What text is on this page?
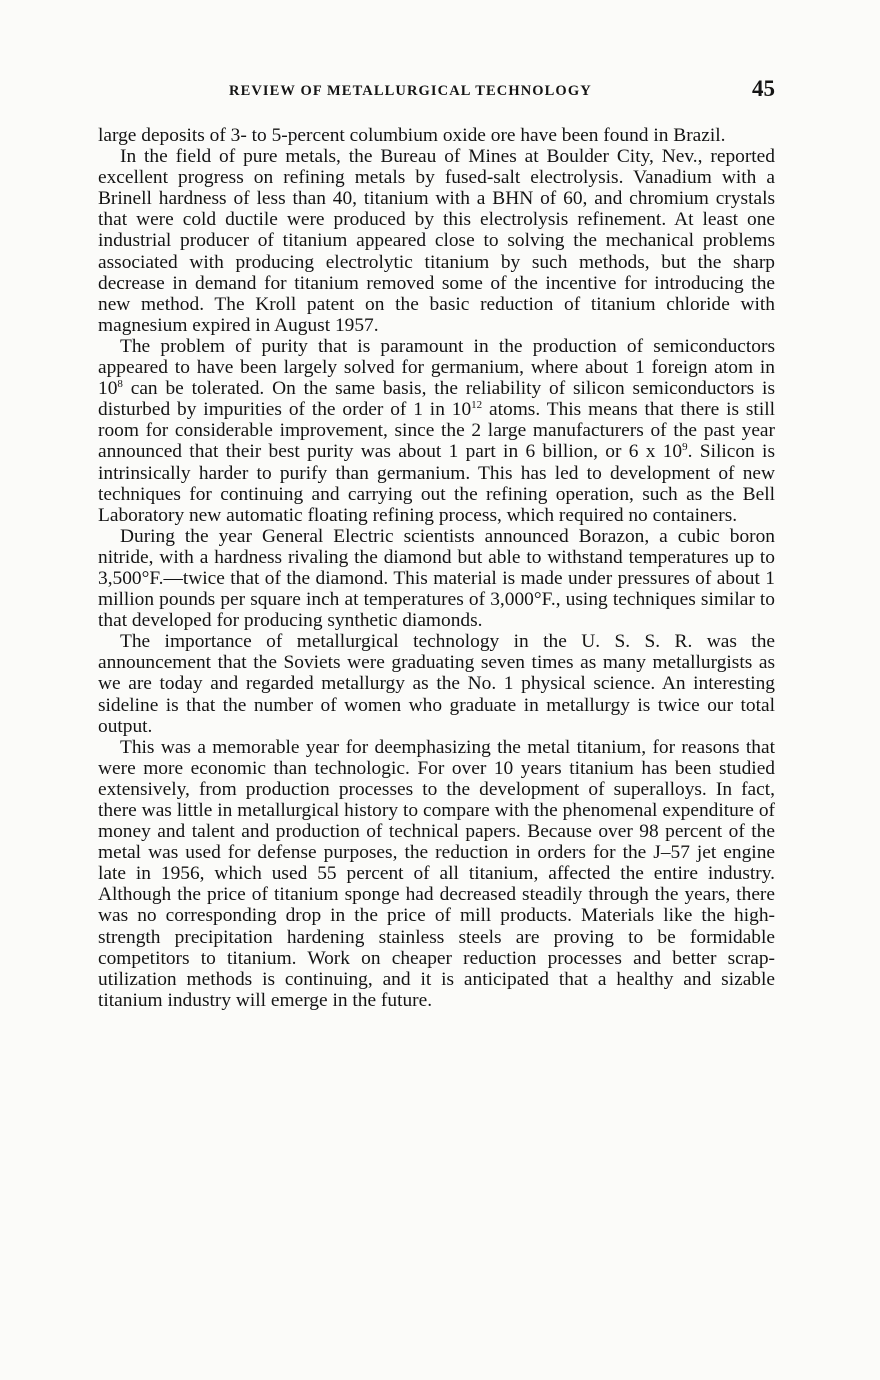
REVIEW OF METALLURGICAL TECHNOLOGY	45

large deposits of 3- to 5-percent columbium oxide ore have been found in Brazil.

In the field of pure metals, the Bureau of Mines at Boulder City, Nev., reported excellent progress on refining metals by fused-salt electrolysis. Vanadium with a Brinell hardness of less than 40, titanium with a BHN of 60, and chromium crystals that were cold ductile were produced by this electrolysis refinement. At least one industrial producer of titanium appeared close to solving the mechanical problems associated with producing electrolytic titanium by such methods, but the sharp decrease in demand for titanium removed some of the incentive for introducing the new method. The Kroll patent on the basic reduction of titanium chloride with magnesium expired in August 1957.

The problem of purity that is paramount in the production of semiconductors appeared to have been largely solved for germanium, where about 1 foreign atom in $10^8$ can be tolerated. On the same basis, the reliability of silicon semiconductors is disturbed by impurities of the order of 1 in $10^{12}$ atoms. This means that there is still room for considerable improvement, since the 2 large manufacturers of the past year announced that their best purity was about 1 part in 6 billion, or 6 x $10^9$. Silicon is intrinsically harder to purify than germanium. This has led to development of new techniques for continuing and carrying out the refining operation, such as the Bell Laboratory new automatic floating refining process, which required no containers.

During the year General Electric scientists announced Borazon, a cubic boron nitride, with a hardness rivaling the diamond but able to withstand temperatures up to 3,500°F.—twice that of the diamond. This material is made under pressures of about 1 million pounds per square inch at temperatures of 3,000°F., using techniques similar to that developed for producing synthetic diamonds.

The importance of metallurgical technology in the U. S. S. R. was the announcement that the Soviets were graduating seven times as many metallurgists as we are today and regarded metallurgy as the No. 1 physical science. An interesting sideline is that the number of women who graduate in metallurgy is twice our total output.

This was a memorable year for deemphasizing the metal titanium, for reasons that were more economic than technologic. For over 10 years titanium has been studied extensively, from production processes to the development of superalloys. In fact, there was little in metallurgical history to compare with the phenomenal expenditure of money and talent and production of technical papers. Because over 98 percent of the metal was used for defense purposes, the reduction in orders for the J–57 jet engine late in 1956, which used 55 percent of all titanium, affected the entire industry. Although the price of titanium sponge had decreased steadily through the years, there was no corresponding drop in the price of mill products. Materials like the high-strength precipitation hardening stainless steels are proving to be formidable competitors to titanium. Work on cheaper reduction processes and better scrap-utilization methods is continuing, and it is anticipated that a healthy and sizable titanium industry will emerge in the future.
